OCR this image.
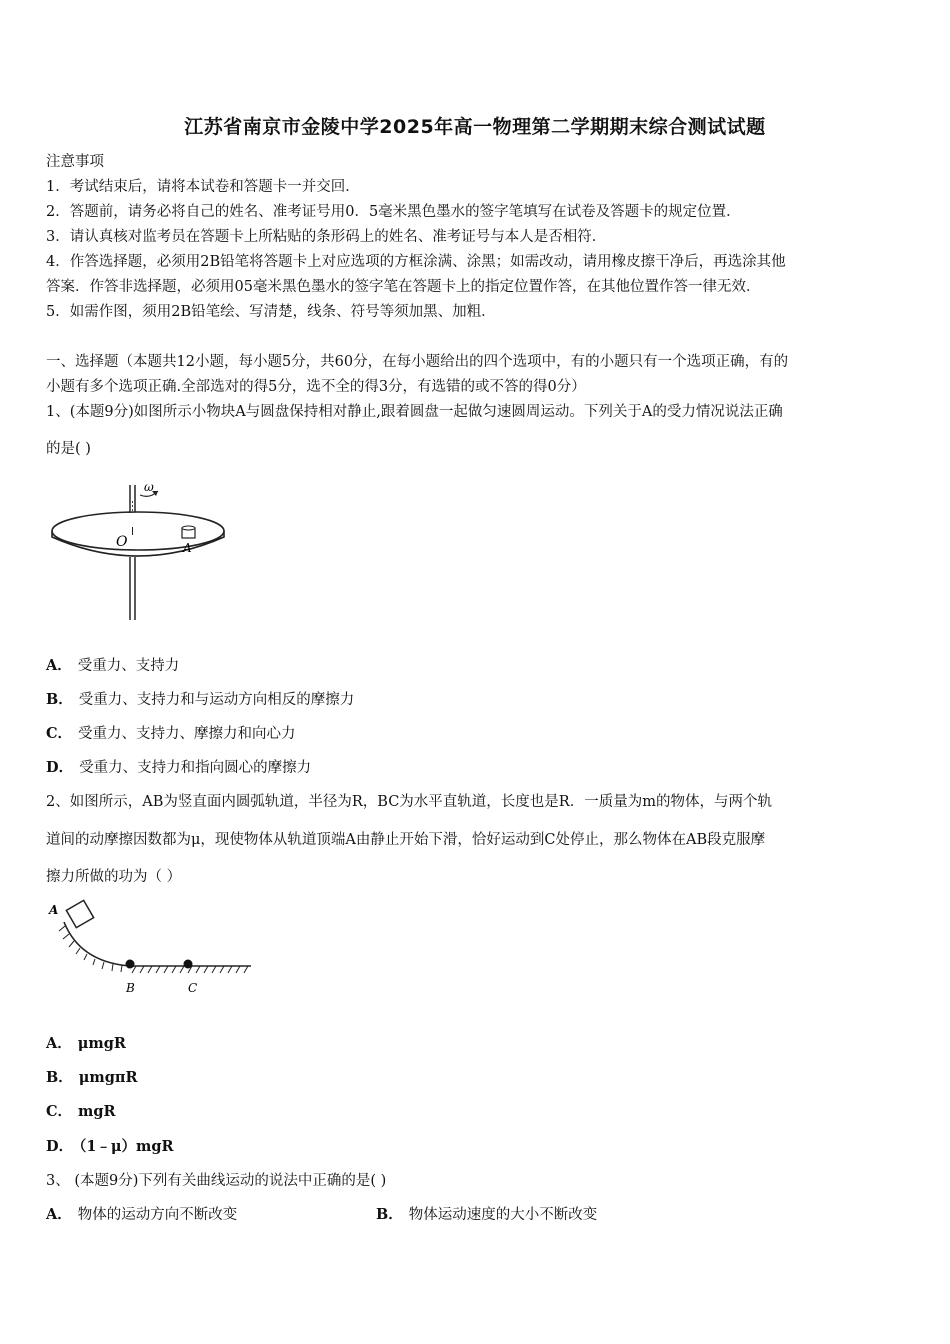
江苏省南京市金陵中学2025年高一物理第二学期期末综合测试试题
注意事项
1．考试结束后，请将本试卷和答题卡一并交回．
2．答题前，请务必将自己的姓名、准考证号用0．5毫米黑色墨水的签字笔填写在试卷及答题卡的规定位置．
3．请认真核对监考员在答题卡上所粘贴的条形码上的姓名、准考证号与本人是否相符．
4．作答选择题，必须用2B铅笔将答题卡上对应选项的方框涂满、涂黑；如需改动，请用橡皮擦干净后，再选涂其他
答案．作答非选择题，必须用05毫米黑色墨水的签字笔在答题卡上的指定位置作答，在其他位置作答一律无效．
5．如需作图，须用2B铅笔绘、写清楚，线条、符号等须加黑、加粗．
一、选择题（本题共12小题，每小题5分，共60分，在每小题给出的四个选项中，有的小题只有一个选项正确，有的
小题有多个选项正确.全部选对的得5分，选不全的得3分，有选错的或不答的得0分）
1、(本题9分)如图所示小物块A与圆盘保持相对静止,跟着圆盘一起做匀速圆周运动。下列关于A的受力情况说法正确
的是( )
ω
O	A
A． 受重力、支持力
B． 受重力、支持力和与运动方向相反的摩擦力
C． 受重力、支持力、摩擦力和向心力
D． 受重力、支持力和指向圆心的摩擦力
2、如图所示，AB为竖直面内圆弧轨道，半径为R，BC为水平直轨道，长度也是R．一质量为m的物体，与两个轨
道间的动摩擦因数都为μ，现使物体从轨道顶端A由静止开始下滑，恰好运动到C处停止，那么物体在AB段克服摩
擦力所做的功为（ ）
A
B	C
A． μmgR
B． μmgπR
C． mgR
D． （1﹣μ）mgR
3、 (本题9分)下列有关曲线运动的说法中正确的是( )
A． 物体的运动方向不断改变	B． 物体运动速度的大小不断改变
